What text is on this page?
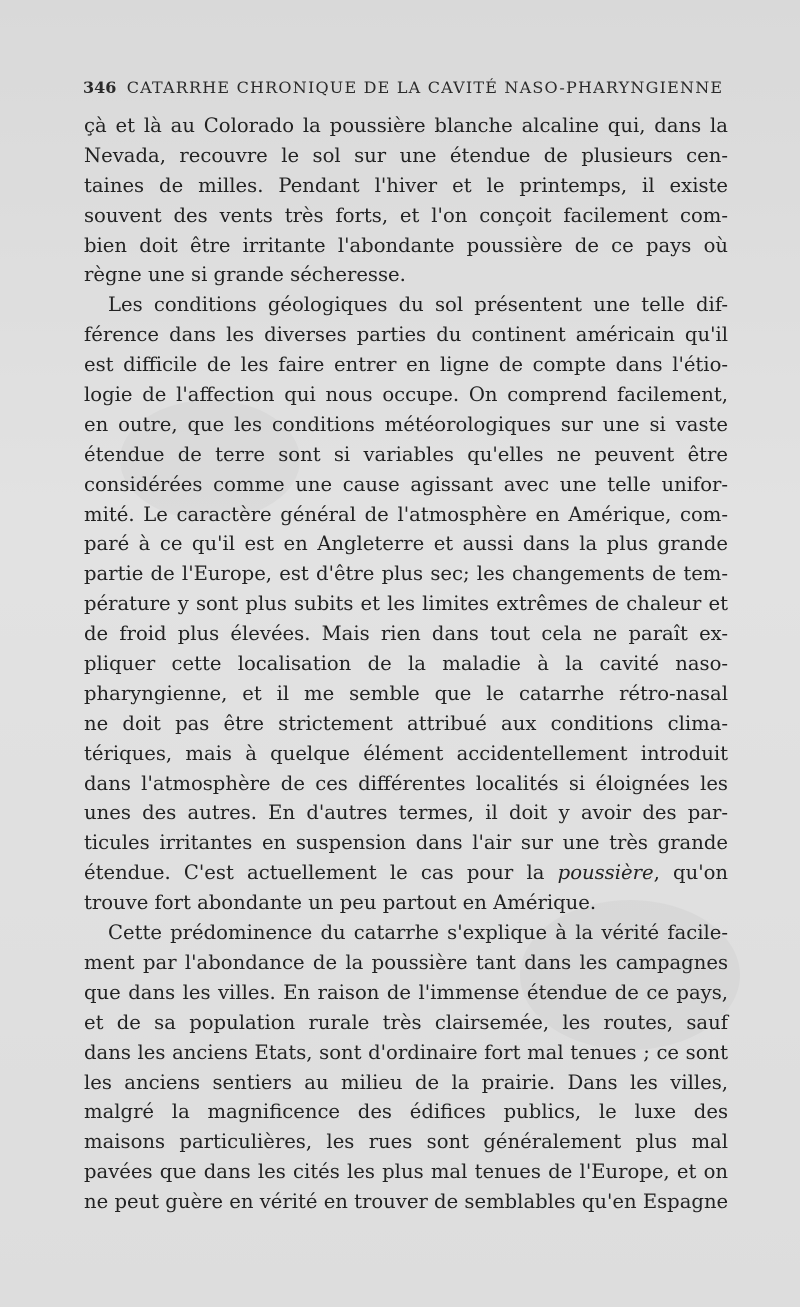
346 CATARRHE CHRONIQUE DE LA CAVITÉ NASO-PHARYNGIENNE
çà et là au Colorado la poussière blanche alcaline qui, dans la
Nevada, recouvre le sol sur une étendue de plusieurs cen-
taines de milles. Pendant l'hiver et le printemps, il existe
souvent des vents très forts, et l'on conçoit facilement com-
bien doit être irritante l'abondante poussière de ce pays où
règne une si grande sécheresse.
Les conditions géologiques du sol présentent une telle dif-
férence dans les diverses parties du continent américain qu'il
est difficile de les faire entrer en ligne de compte dans l'étio-
logie de l'affection qui nous occupe. On comprend facilement,
en outre, que les conditions météorologiques sur une si vaste
étendue de terre sont si variables qu'elles ne peuvent être
considérées comme une cause agissant avec une telle unifor-
mité. Le caractère général de l'atmosphère en Amérique, com-
paré à ce qu'il est en Angleterre et aussi dans la plus grande
partie de l'Europe, est d'être plus sec; les changements de tem-
pérature y sont plus subits et les limites extrêmes de chaleur et
de froid plus élevées. Mais rien dans tout cela ne paraît ex-
pliquer cette localisation de la maladie à la cavité naso-
pharyngienne, et il me semble que le catarrhe rétro-nasal
ne doit pas être strictement attribué aux conditions clima-
tériques, mais à quelque élément accidentellement introduit
dans l'atmosphère de ces différentes localités si éloignées les
unes des autres. En d'autres termes, il doit y avoir des par-
ticules irritantes en suspension dans l'air sur une très grande
étendue. C'est actuellement le cas pour la poussière, qu'on
trouve fort abondante un peu partout en Amérique.
Cette prédominence du catarrhe s'explique à la vérité facile-
ment par l'abondance de la poussière tant dans les campagnes
que dans les villes. En raison de l'immense étendue de ce pays,
et de sa population rurale très clairsemée, les routes, sauf
dans les anciens Etats, sont d'ordinaire fort mal tenues ; ce sont
les anciens sentiers au milieu de la prairie. Dans les villes,
malgré la magnificence des édifices publics, le luxe des
maisons particulières, les rues sont généralement plus mal
pavées que dans les cités les plus mal tenues de l'Europe, et on
ne peut guère en vérité en trouver de semblables qu'en Espagne
